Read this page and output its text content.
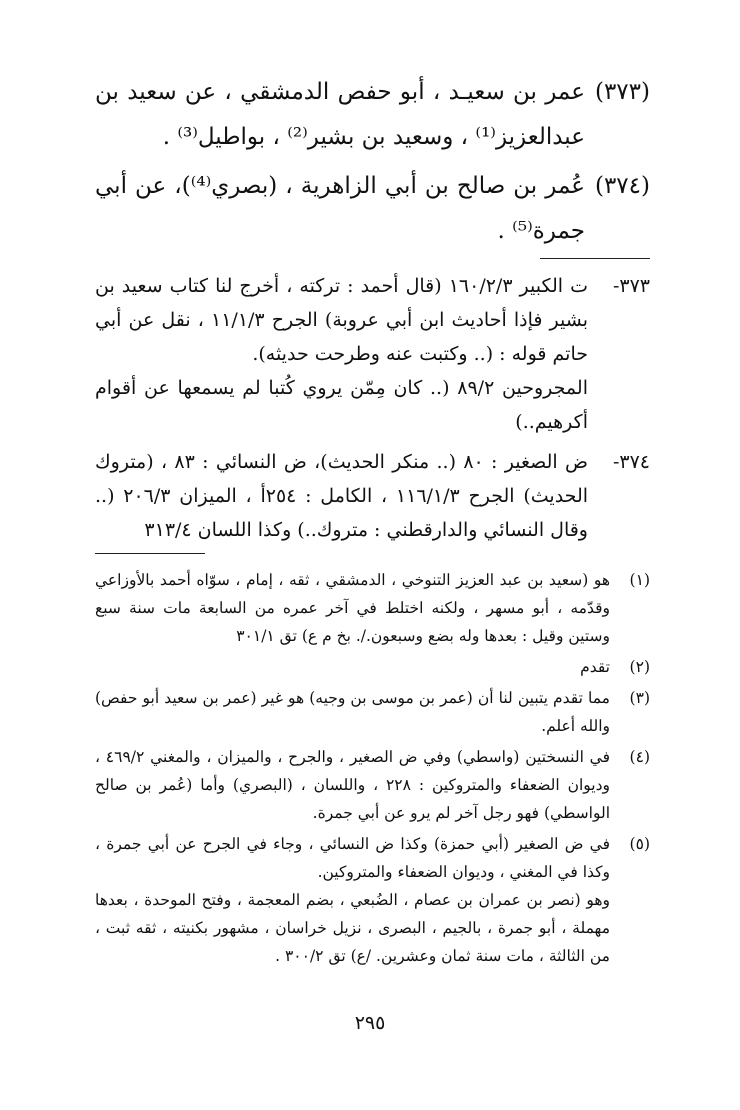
(٣٧٣)
عمر بن سعيـد ، أبو حفص الدمشقي ، عن سعيد بن عبدالعزيز⁽¹⁾ ، وسعيد بن بشير⁽²⁾ ، بواطيل⁽³⁾ .
(٣٧٤)
عُمر بن صالح بن أبي الزاهرية ، (بصري⁽⁴⁾)، عن أبي جمرة⁽⁵⁾ .
٣٧٣-

ت الكبير ١٦٠/٢/٣ (قال أحمد : تركته ، أخرج لنا كتاب سعيد بن بشير فإذا أحاديث ابن أبي عروبة) الجرح ١١/١/٣ ، نقل عن أبي حاتم قوله : (.. وكتبت عنه وطرحت حديثه).

المجروحين ٨٩/٢ (.. كان مِمّن يروي كُتبا لم يسمعها عن أقوام أكرهيم..)

٣٧٤-

ض الصغير : ٨٠ (.. منكر الحديث)، ض النسائي : ٨٣ ، (متروك الحديث) الجرح ١١٦/١/٣ ، الكامل : ٢٥٤أ ، الميزان ٢٠٦/٣ (.. وقال النسائي والدارقطني : متروك..) وكذا اللسان ٣١٣/٤

(١)

هو (سعيد بن عبد العزيز التنوخي ، الدمشقي ، ثقه ، إمام ، سوّاه أحمد بالأوزاعي وقدّمه ، أبو مسهر ، ولكنه اختلط في آخر عمره من السابعة مات سنة سبع وستين وقيل : بعدها وله بضع وسبعون./. بخ م ع) تق ٣٠١/١

(٢)

تقدم

(٣)

مما تقدم يتبين لنا أن (عمر بن موسى بن وجيه) هو غير (عمر بن سعيد أبو حفص) والله أعلم.

(٤)

في النسختين (واسطي) وفي ض الصغير ، والجرح ، والميزان ، والمغني ٤٦٩/٢ ، وديوان الضعفاء والمتروكين : ٢٢٨ ، واللسان ، (البصري) وأما (عُمر بن صالح الواسطي) فهو رجل آخر لم يرو عن أبي جمرة.

(٥)

في ض الصغير (أبي حمزة) وكذا ض النسائي ، وجاء في الجرح عن أبي جمرة ، وكذا في المغني ، وديوان الضعفاء والمتروكين.

وهو (نصر بن عمران بن عصام ، الضُبعي ، بضم المعجمة ، وفتح الموحدة ، بعدها مهملة ، أبو جمرة ، بالجيم ، البصرى ، نزيل خراسان ، مشهور بكنيته ، ثقه ثبت ، من الثالثة ، مات سنة ثمان وعشرين. /ع) تق ٣٠٠/٢ .

٢٩٥
